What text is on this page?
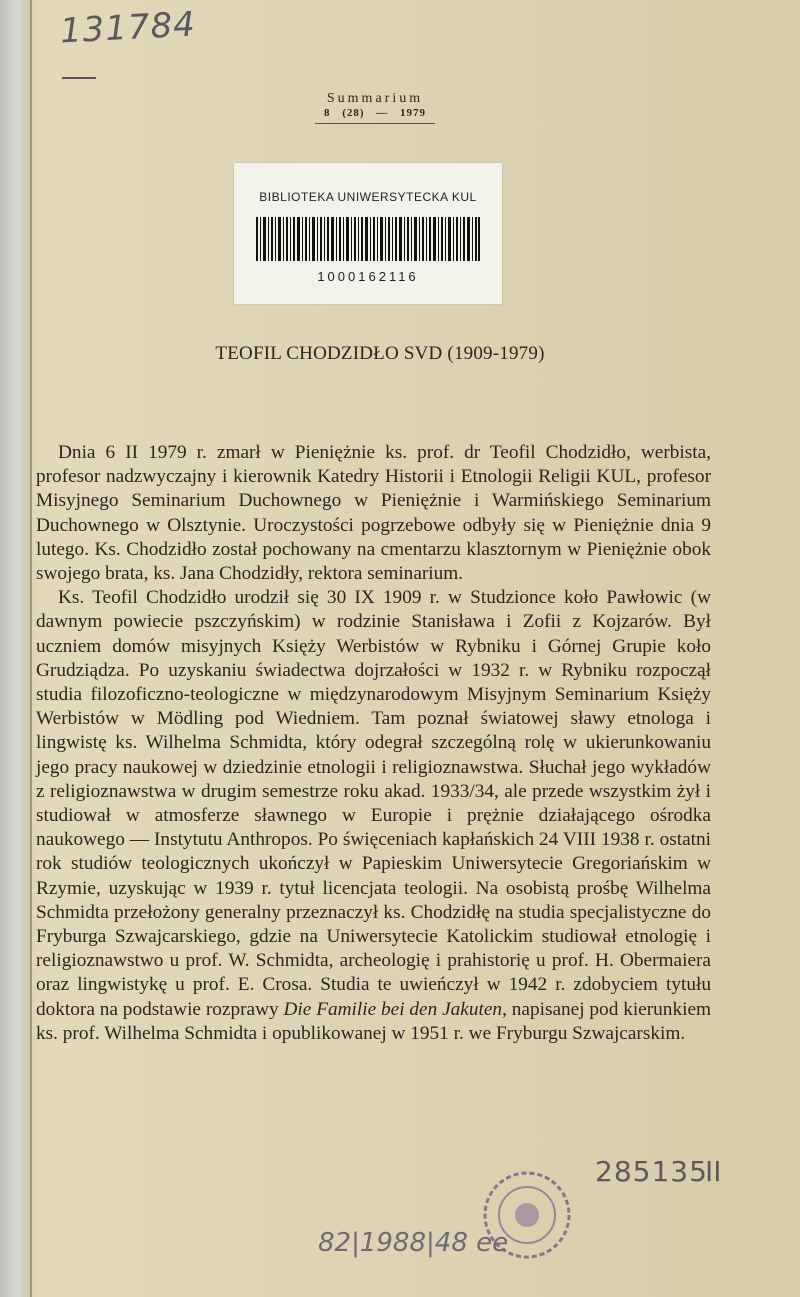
131784
Summarium
8 (28) — 1979
BIBLIOTEKA UNIWERSYTECKA KUL
1000162116
TEOFIL CHODZIDŁO SVD (1909-1979)

Dnia 6 II 1979 r. zmarł w Pieniężnie ks. prof. dr Teofil Chodzidło, werbista, profesor nadzwyczajny i kierownik Katedry Historii i Etnologii Religii KUL, profesor Misyjnego Seminarium Duchownego w Pieniężnie i Warmińskiego Seminarium Duchownego w Olsztynie. Uroczystości pogrzebowe odbyły się w Pieniężnie dnia 9 lutego. Ks. Chodzidło został pochowany na cmentarzu klasztornym w Pieniężnie obok swojego brata, ks. Jana Chodzidły, rektora seminarium.

Ks. Teofil Chodzidło urodził się 30 IX 1909 r. w Studzionce koło Pawłowic (w dawnym powiecie pszczyńskim) w rodzinie Stanisława i Zofii z Kojzarów. Był uczniem domów misyjnych Księży Werbistów w Rybniku i Górnej Grupie koło Grudziądza. Po uzyskaniu świadectwa dojrzałości w 1932 r. w Rybniku rozpoczął studia filozoficzno-teologiczne w międzynarodowym Misyjnym Seminarium Księży Werbistów w Mödling pod Wiedniem. Tam poznał światowej sławy etnologa i lingwistę ks. Wilhelma Schmidta, który odegrał szczególną rolę w ukierunkowaniu jego pracy naukowej w dziedzinie etnologii i religioznawstwa. Słuchał jego wykładów z religioznawstwa w drugim semestrze roku akad. 1933/34, ale przede wszystkim żył i studiował w atmosferze sławnego w Europie i prężnie działającego ośrodka naukowego — Instytutu Anthropos. Po święceniach kapłańskich 24 VIII 1938 r. ostatni rok studiów teologicznych ukończył w Papieskim Uniwersytecie Gregoriańskim w Rzymie, uzyskując w 1939 r. tytuł licencjata teologii. Na osobistą prośbę Wilhelma Schmidta przełożony generalny przeznaczył ks. Chodzidłę na studia specjalistyczne do Fryburga Szwajcarskiego, gdzie na Uniwersytecie Katolickim studiował etnologię i religioznawstwo u prof. W. Schmidta, archeologię i prahistorię u prof. H. Obermaiera oraz lingwistykę u prof. E. Crosa. Studia te uwieńczył w 1942 r. zdobyciem tytułu doktora na podstawie rozprawy Die Familie bei den Jakuten, napisanej pod kierunkiem ks. prof. Wilhelma Schmidta i opublikowanej w 1951 r. we Fryburgu Szwajcarskim.

285135
II
82|1988|48 ee
